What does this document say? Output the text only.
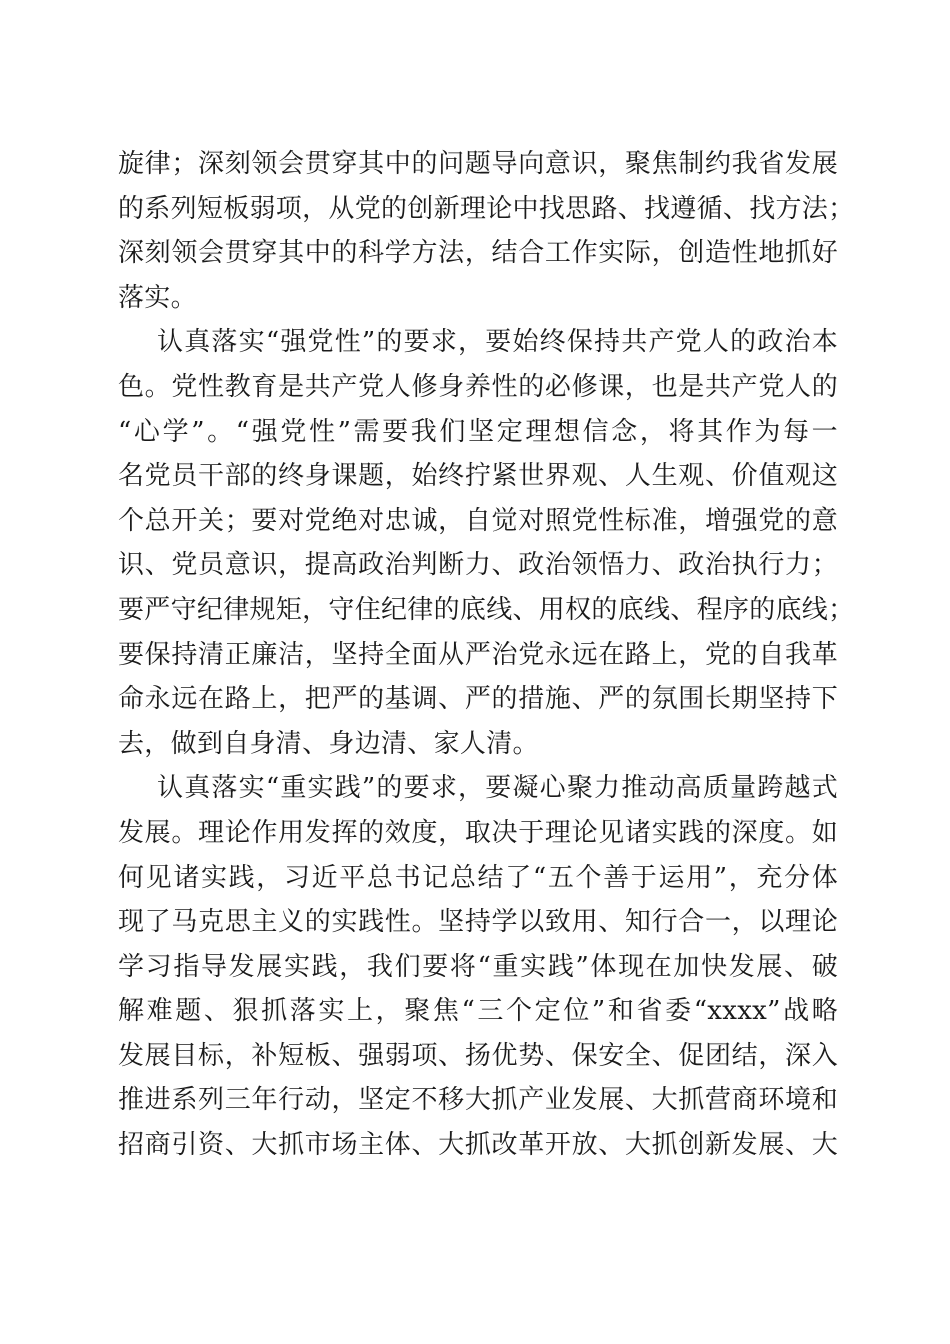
旋律；深刻领会贯穿其中的问题导向意识，聚焦制约我省发展
的系列短板弱项，从党的创新理论中找思路、找遵循、找方法；
深刻领会贯穿其中的科学方法，结合工作实际，创造性地抓好
落实。
认真落实“强党性”的要求，要始终保持共产党人的政治本
色。党性教育是共产党人修身养性的必修课，也是共产党人的
“心学”。“强党性”需要我们坚定理想信念，将其作为每一
名党员干部的终身课题，始终拧紧世界观、人生观、价值观这
个总开关；要对党绝对忠诚，自觉对照党性标准，增强党的意
识、党员意识，提高政治判断力、政治领悟力、政治执行力；
要严守纪律规矩，守住纪律的底线、用权的底线、程序的底线；
要保持清正廉洁，坚持全面从严治党永远在路上，党的自我革
命永远在路上，把严的基调、严的措施、严的氛围长期坚持下
去，做到自身清、身边清、家人清。
认真落实“重实践”的要求，要凝心聚力推动高质量跨越式
发展。理论作用发挥的效度，取决于理论见诸实践的深度。如
何见诸实践，习近平总书记总结了“五个善于运用”，充分体
现了马克思主义的实践性。坚持学以致用、知行合一，以理论
学习指导发展实践，我们要将“重实践”体现在加快发展、破
解难题、狠抓落实上，聚焦“三个定位”和省委“xxxx”战略
发展目标，补短板、强弱项、扬优势、保安全、促团结，深入
推进系列三年行动，坚定不移大抓产业发展、大抓营商环境和
招商引资、大抓市场主体、大抓改革开放、大抓创新发展、大
